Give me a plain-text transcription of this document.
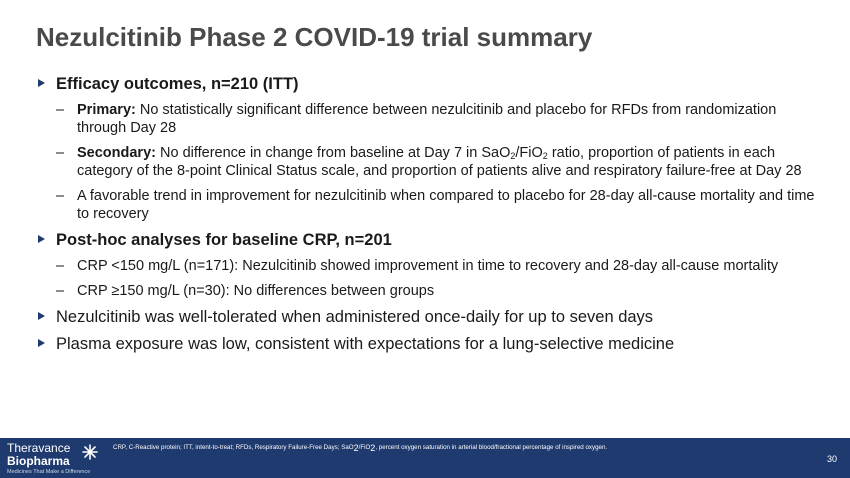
Nezulcitinib Phase 2 COVID-19 trial summary
Efficacy outcomes, n=210 (ITT)
– Primary: No statistically significant difference between nezulcitinib and placebo for RFDs from randomization through Day 28
– Secondary: No difference in change from baseline at Day 7 in SaO$_2$/FiO$_2$ ratio, proportion of patients in each category of the 8-point Clinical Status scale, and proportion of patients alive and respiratory failure-free at Day 28
– A favorable trend in improvement for nezulcitinib when compared to placebo for 28-day all-cause mortality and time to recovery
Post-hoc analyses for baseline CRP, n=201
– CRP <150 mg/L (n=171): Nezulcitinib showed improvement in time to recovery and 28-day all-cause mortality
– CRP ≥150 mg/L (n=30): No differences between groups
Nezulcitinib was well-tolerated when administered once-daily for up to seven days
Plasma exposure was low, consistent with expectations for a lung-selective medicine
Theravance
Biopharma
Medicines That Make a Difference
CRP, C-Reactive protein; ITT, intent-to-treat; RFDs, Respiratory Failure-Free Days; SaO$_2$/FiO$_2$, percent oxygen saturation in arterial blood/fractional percentage of inspired oxygen.
30
